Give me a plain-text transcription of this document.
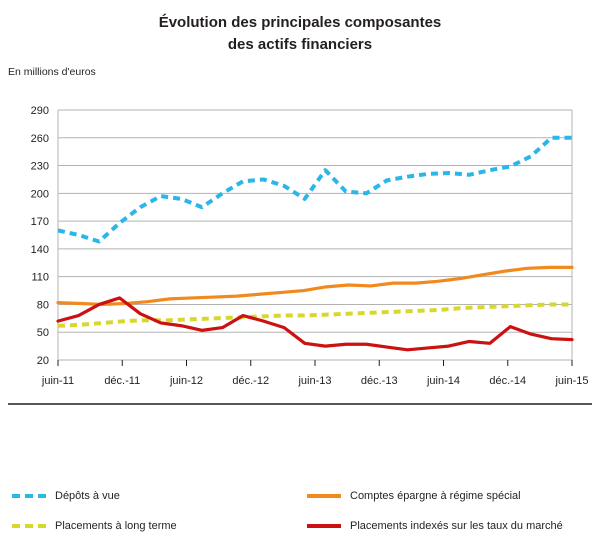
Évolution des principales composantes
des actifs financiers
En millions d'euros
20
50
80
110
140
170
200
230
260
290
juin-11	déc.-11	juin-12	déc.-12	juin-13	déc.-13	juin-14	déc.-14	juin-15
Dépôts à vue	Comptes épargne à régime spécial
Placements à long terme	Placements indexés sur les taux du marché
